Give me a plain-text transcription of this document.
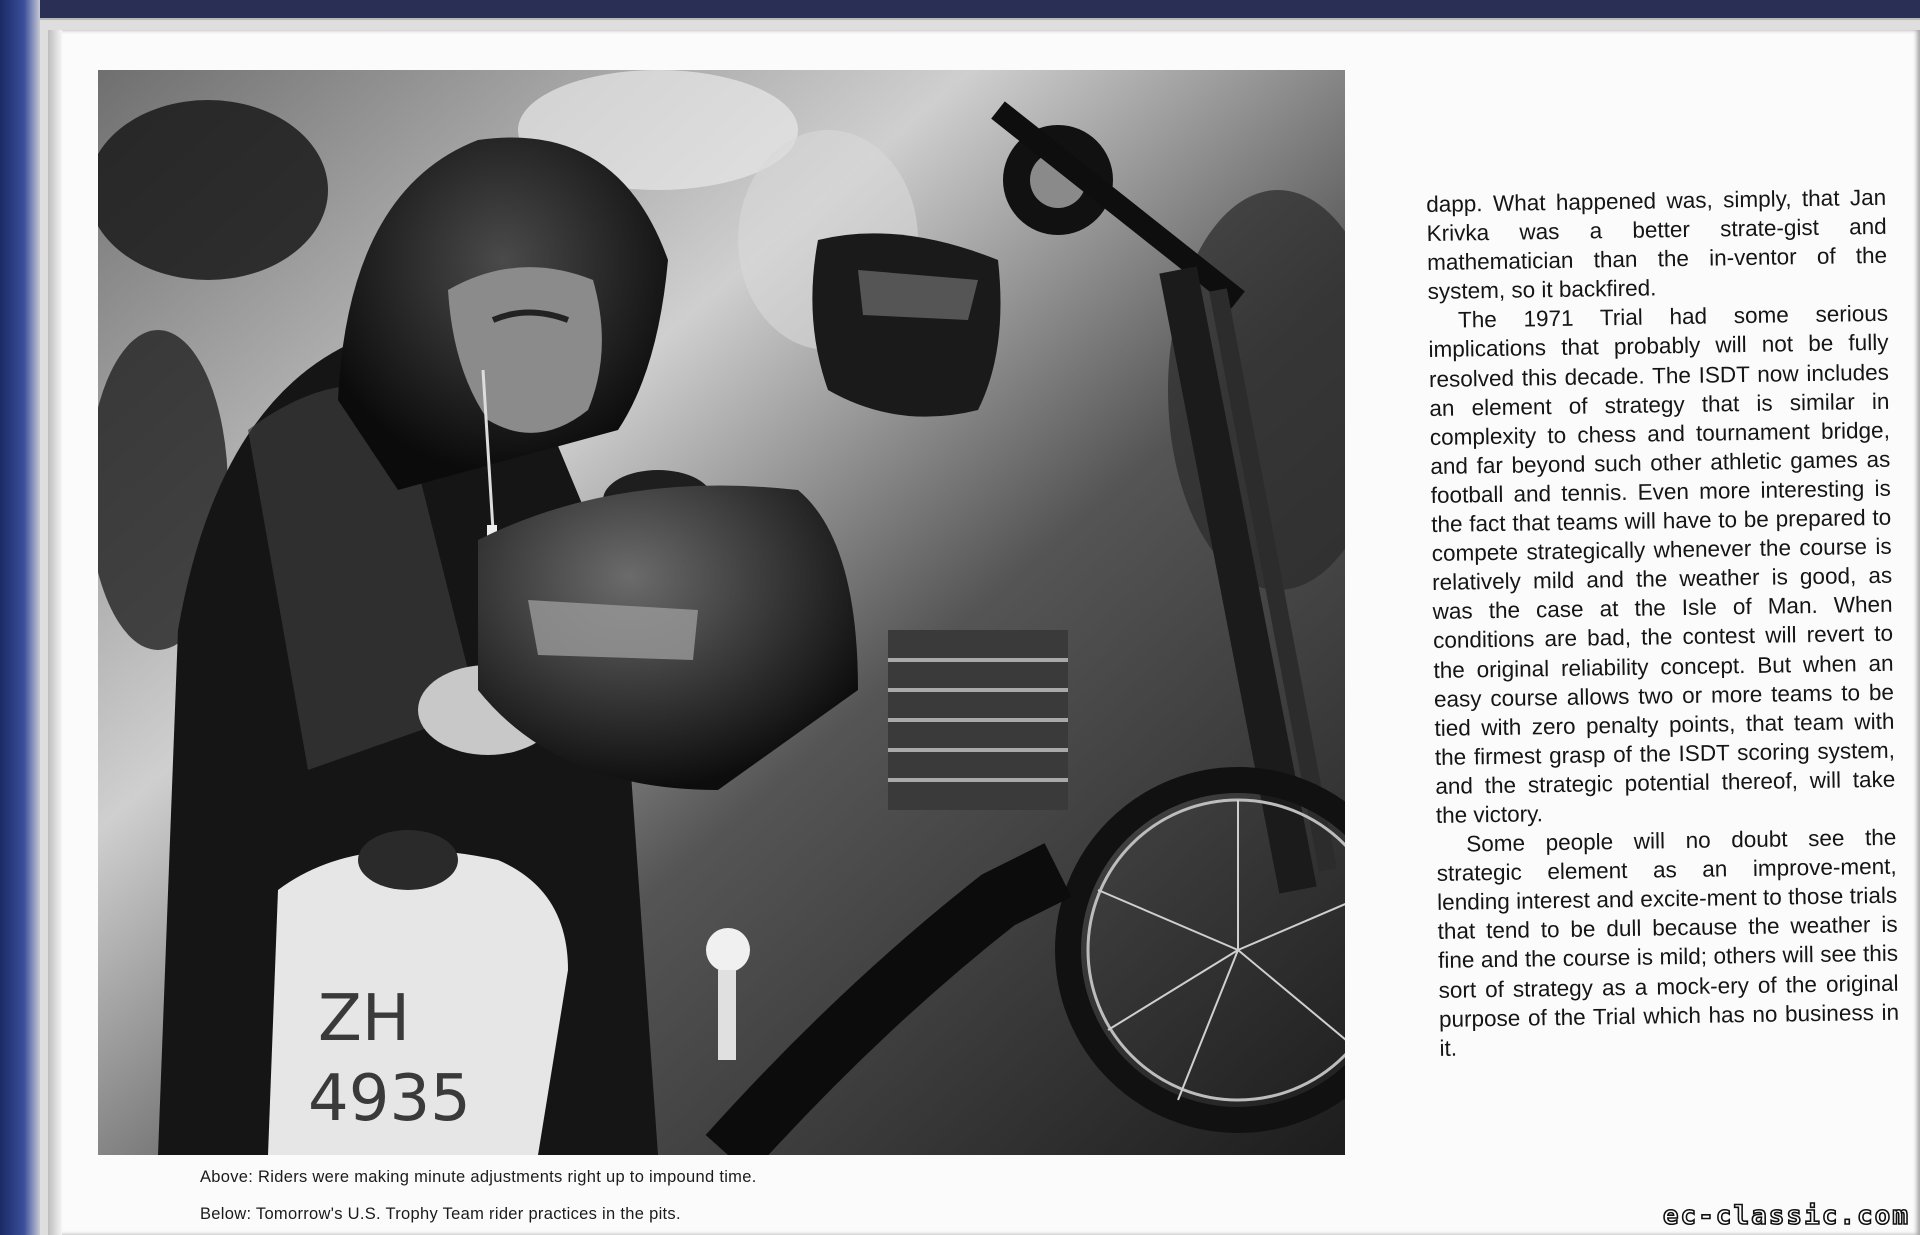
ZH
4935
Above: Riders were making minute adjustments right up to impound time.
Below: Tomorrow's U.S. Trophy Team rider practices in the pits.

dapp. What happened was, simply, that Jan Krivka was a better strate-gist and mathematician than the in-ventor of the system, so it backfired.

The 1971 Trial had some serious implications that probably will not be fully resolved this decade. The ISDT now includes an element of strategy that is similar in complexity to chess and tournament bridge, and far beyond such other athletic games as football and tennis. Even more interesting is the fact that teams will have to be prepared to compete strategically whenever the course is relatively mild and the weather is good, as was the case at the Isle of Man. When conditions are bad, the contest will revert to the original reliability concept. But when an easy course allows two or more teams to be tied with zero penalty points, that team with the firmest grasp of the ISDT scoring system, and the strategic potential thereof, will take the victory.

Some people will no doubt see the strategic element as an improve-ment, lending interest and excite-ment to those trials that tend to be dull because the weather is fine and the course is mild; others will see this sort of strategy as a mock-ery of the original purpose of the Trial which has no business in it.

ec-classic.com
